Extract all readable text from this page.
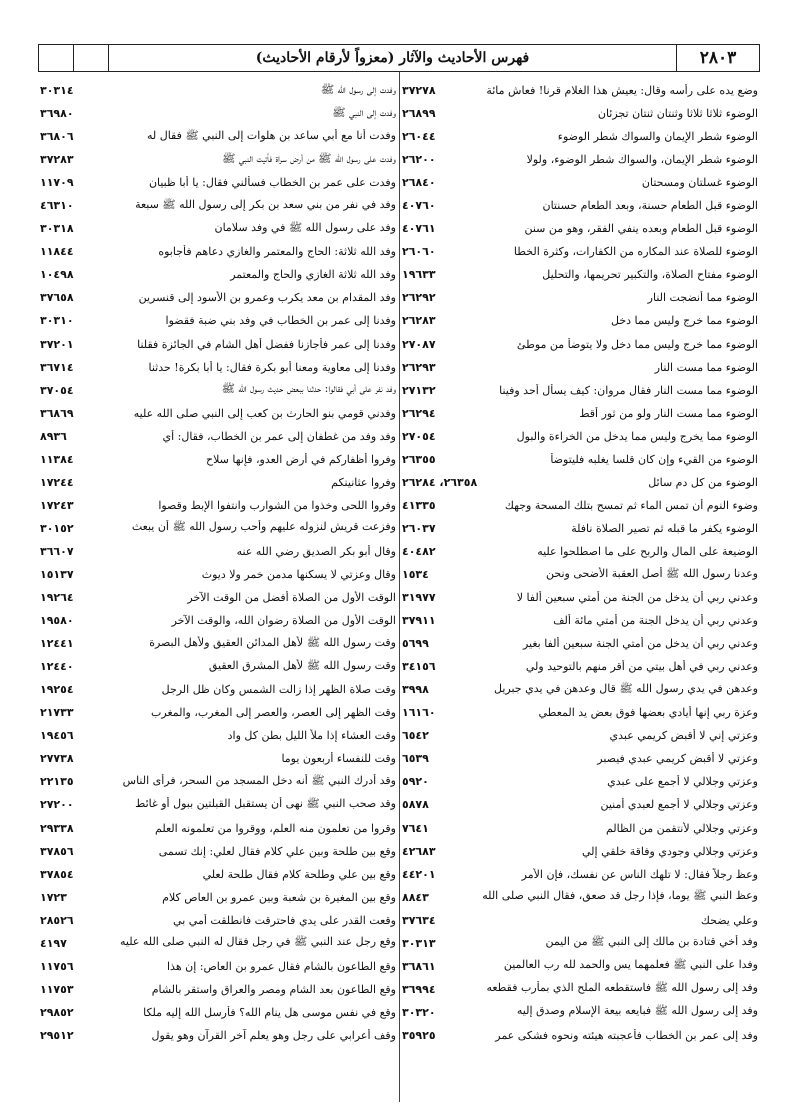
٢٨٠٣
فهرس الأحاديث والآثار (معزواً لأرقام الأحاديث)
وضع يده على رأسه وقال: يعيش هذا الغلام قرنا! فعاش مائة
٣٧٢٧٨
الوضوء ثلاثا ثلاثا وثنتان ثنتان تجزئان
٢٦٨٩٩
الوضوء شطر الإيمان والسواك شطر الوضوء
٢٦٠٤٤
الوضوء شطر الإيمان، والسواك شطر الوضوء، ولولا
٢٦٢٠٠
الوضوء غسلتان ومسحتان
٢٦٨٤٠
الوضوء قبل الطعام حسنة، وبعد الطعام حسنتان
٤٠٧٦٠
الوضوء قبل الطعام وبعده ينفي الفقر، وهو من سنن
٤٠٧٦١
الوضوء للصلاة عند المكاره من الكفارات، وكثرة الخطا
٢٦٠٦٠
الوضوء مفتاح الصلاة، والتكبير تحريمها، والتحليل
١٩٦٣٣
الوضوء مما أنضجت النار
٢٦٢٩٢
الوضوء مما خرج وليس مما دخل
٢٦٢٨٣
الوضوء مما خرج وليس مما دخل ولا يتوضأ من موطئ
٢٧٠٨٧
الوضوء مما مست النار
٢٦٢٩٣
الوضوء مما مست النار فقال مروان: كيف يسأل أحد وفينا
٢٧١٣٢
الوضوء مما مست النار ولو من ثور أقط
٢٦٢٩٤
الوضوء مما يخرج وليس مما يدخل من الخراءة والبول
٢٧٠٥٤
الوضوء من القيء وإن كان قلسا يغلبه فليتوضأ
٢٦٣٥٥
الوضوء من كل دم سائل
٢٦٣٥٨، ٢٦٢٨٤
وضوء النوم أن تمس الماء ثم تمسح بتلك المسحة وجهك
٤١٣٣٥
الوضوء يكفر ما قبله ثم تصير الصلاة نافلة
٢٦٠٣٧
الوضيعة على المال والربح على ما اصطلحوا عليه
٤٠٤٨٢
وعدنا رسول الله ﷺ أصل العقبة الأضحى ونحن
١٥٣٤
وعدني ربي أن يدخل من الجنة من أمتي سبعين ألفا لا
٣١٩٧٧
وعدني ربي أن يدخل الجنة من أمتي مائة ألف
٣٧٩١١
وعدني ربي أن يدخل من أمتي الجنة سبعين ألفا بغير
٥٦٩٩
وعدني ربي في أهل بيتي من أقر منهم بالتوحيد ولي
٣٤١٥٦
وعدهن في يدي رسول الله ﷺ قال وعدهن في يدي جبريل
٣٩٩٨
وعزة ربي إنها أيادي بعضها فوق بعض يد المعطي
١٦١٦٠
وعزتي إني لا أقبض كريمي عبدي
٦٥٤٢
وعزتي لا أقبض كريمي عبدي فيصبر
٦٥٣٩
وعزتي وجلالي لا أجمع على عبدي
٥٩٢٠
وعزتي وجلالي لا أجمع لعبدي أمنين
٥٨٧٨
وعزتي وجلالي لأنتقمن من الظالم
٧٦٤١
وعزتي وجلالي وجودي وفاقة خلقي إلي
٤٢٦٨٣
وعظ رجلاً فقال: لا تلهك الناس عن نفسك، فإن الأمر
٤٤٢٠١
وعظ النبي ﷺ يوما، فإذا رجل قد صعق، فقال النبي صلى الله
٨٨٤٣
وعلي يضحك
٣٧٦٣٤
وفد أخي قتادة بن مالك إلى النبي ﷺ من اليمن
٣٠٣١٣
وفدا على النبي ﷺ فعلمهما يس والحمد لله رب العالمين
٣٦٨٦١
وفد إلى رسول الله ﷺ فاستقطعه الملح الذي بمأرب فقطعه
٣٦٩٩٤
وفد إلى رسول الله ﷺ فبايعه بيعة الإسلام وصدق إليه
٣٠٣٢٠
وفد إلى عمر بن الخطاب فأعجبته هيئته ونحوه فشكى عمر
٣٥٩٢٥
وفدت إلى رسول الله ﷺ
٣٠٣١٤
وفدت إلى النبي ﷺ
٣٦٩٨٠
وفدت أنا مع أبي ساعد بن هلوات إلى النبي ﷺ فقال له
٣٦٨٠٦
وفدت على رسول الله ﷺ من أرض سراة فأتيت النبي ﷺ
٣٧٢٨٣
وفدت على عمر بن الخطاب فسألني فقال: يا أبا ظبيان
١١٧٠٩
وفد في نفر من بني سعد بن بكر إلى رسول الله ﷺ سبعة
٤٦٣١٠
وفد على رسول الله ﷺ في وفد سلامان
٣٠٣١٨
وفد الله ثلاثة: الحاج والمعتمر والغازي دعاهم فأجابوه
١١٨٤٤
وفد الله ثلاثة الغازي والحاج والمعتمر
١٠٤٩٨
وفد المقدام بن معد يكرب وعمرو بن الأسود إلى قنسرين
٣٧٦٥٨
وفدنا إلى عمر بن الخطاب في وفد بني ضبة فقضوا
٣٠٣١٠
وفدنا إلى عمر فأجازنا ففضل أهل الشام في الجائزة فقلنا
٣٧٢٠١
وفدنا إلى معاوية ومعنا أبو بكرة فقال: يا أبا بكرة! حدثنا
٣٦٧١٤
وفد نفر على أبي فقالوا: حدثنا ببعض حديث رسول الله ﷺ
٣٧٠٥٤
وفدني قومي بنو الحارث بن كعب إلى النبي صلى الله عليه
٣٦٨٦٩
وفد وفد من غطفان إلى عمر بن الخطاب، فقال: أي
٨٩٣٦
وفروا أظفاركم في أرض العدو، فإنها سلاح
١١٣٨٤
وفروا عثانينكم
١٧٢٤٤
وفروا اللحى وخذوا من الشوارب وانتفوا الإبط وقصوا
١٧٢٤٣
وفزعت قريش لنزوله عليهم وأحب رسول الله ﷺ أن يبعث
٣٠١٥٢
وقال أبو بكر الصديق رضي الله عنه
٣٦٦٠٧
وقال وعزتي لا يسكنها مدمن خمر ولا ديوث
١٥١٣٧
الوقت الأول من الصلاة أفضل من الوقت الآخر
١٩٢٦٤
الوقت الأول من الصلاة رضوان الله، والوقت الآخر
١٩٥٨٠
وقت رسول الله ﷺ لأهل المدائن العقيق ولأهل البصرة
١٢٤٤١
وقت رسول الله ﷺ لأهل المشرق العقيق
١٢٤٤٠
وقت صلاة الظهر إذا زالت الشمس وكان ظل الرجل
١٩٢٥٤
وقت الظهر إلى العصر، والعصر إلى المغرب، والمغرب
٢١٧٣٣
وقت العشاء إذا ملأ الليل بطن كل واد
١٩٤٥٦
وقت للنفساء أربعون يوما
٢٧٧٣٨
وقد أدرك النبي ﷺ أنه دخل المسجد من السحر، فرأى الناس
٢٢١٣٥
وقد صحب النبي ﷺ نهى أن يستقبل القبلتين ببول أو غائط
٢٧٢٠٠
وقروا من تعلمون منه العلم، ووقروا من تعلمونه العلم
٢٩٣٣٨
وقع بين طلحة وبين علي كلام فقال لعلي: إنك تسمى
٣٧٨٥٦
وقع بين علي وطلحة كلام فقال طلحة لعلي
٣٧٨٥٤
وقع بين المغيرة بن شعبة وبين عمرو بن العاص كلام
١٧٢٣
وقعت القدر على يدي فاحترقت فانطلقت أمي بي
٢٨٥٢٦
وقع رجل عند النبي ﷺ في رجل فقال له النبي صلى الله عليه
٤١٩٧
وقع الطاعون بالشام فقال عمرو بن العاص: إن هذا
١١٧٥٦
وقع الطاعون بعد الشام ومصر والعراق واستقر بالشام
١١٧٥٣
وقع في نفس موسى هل ينام الله؟ فأرسل الله إليه ملكا
٢٩٨٥٢
وقف أعرابي على رجل وهو يعلم آخر القرآن وهو يقول
٢٩٥١٢
